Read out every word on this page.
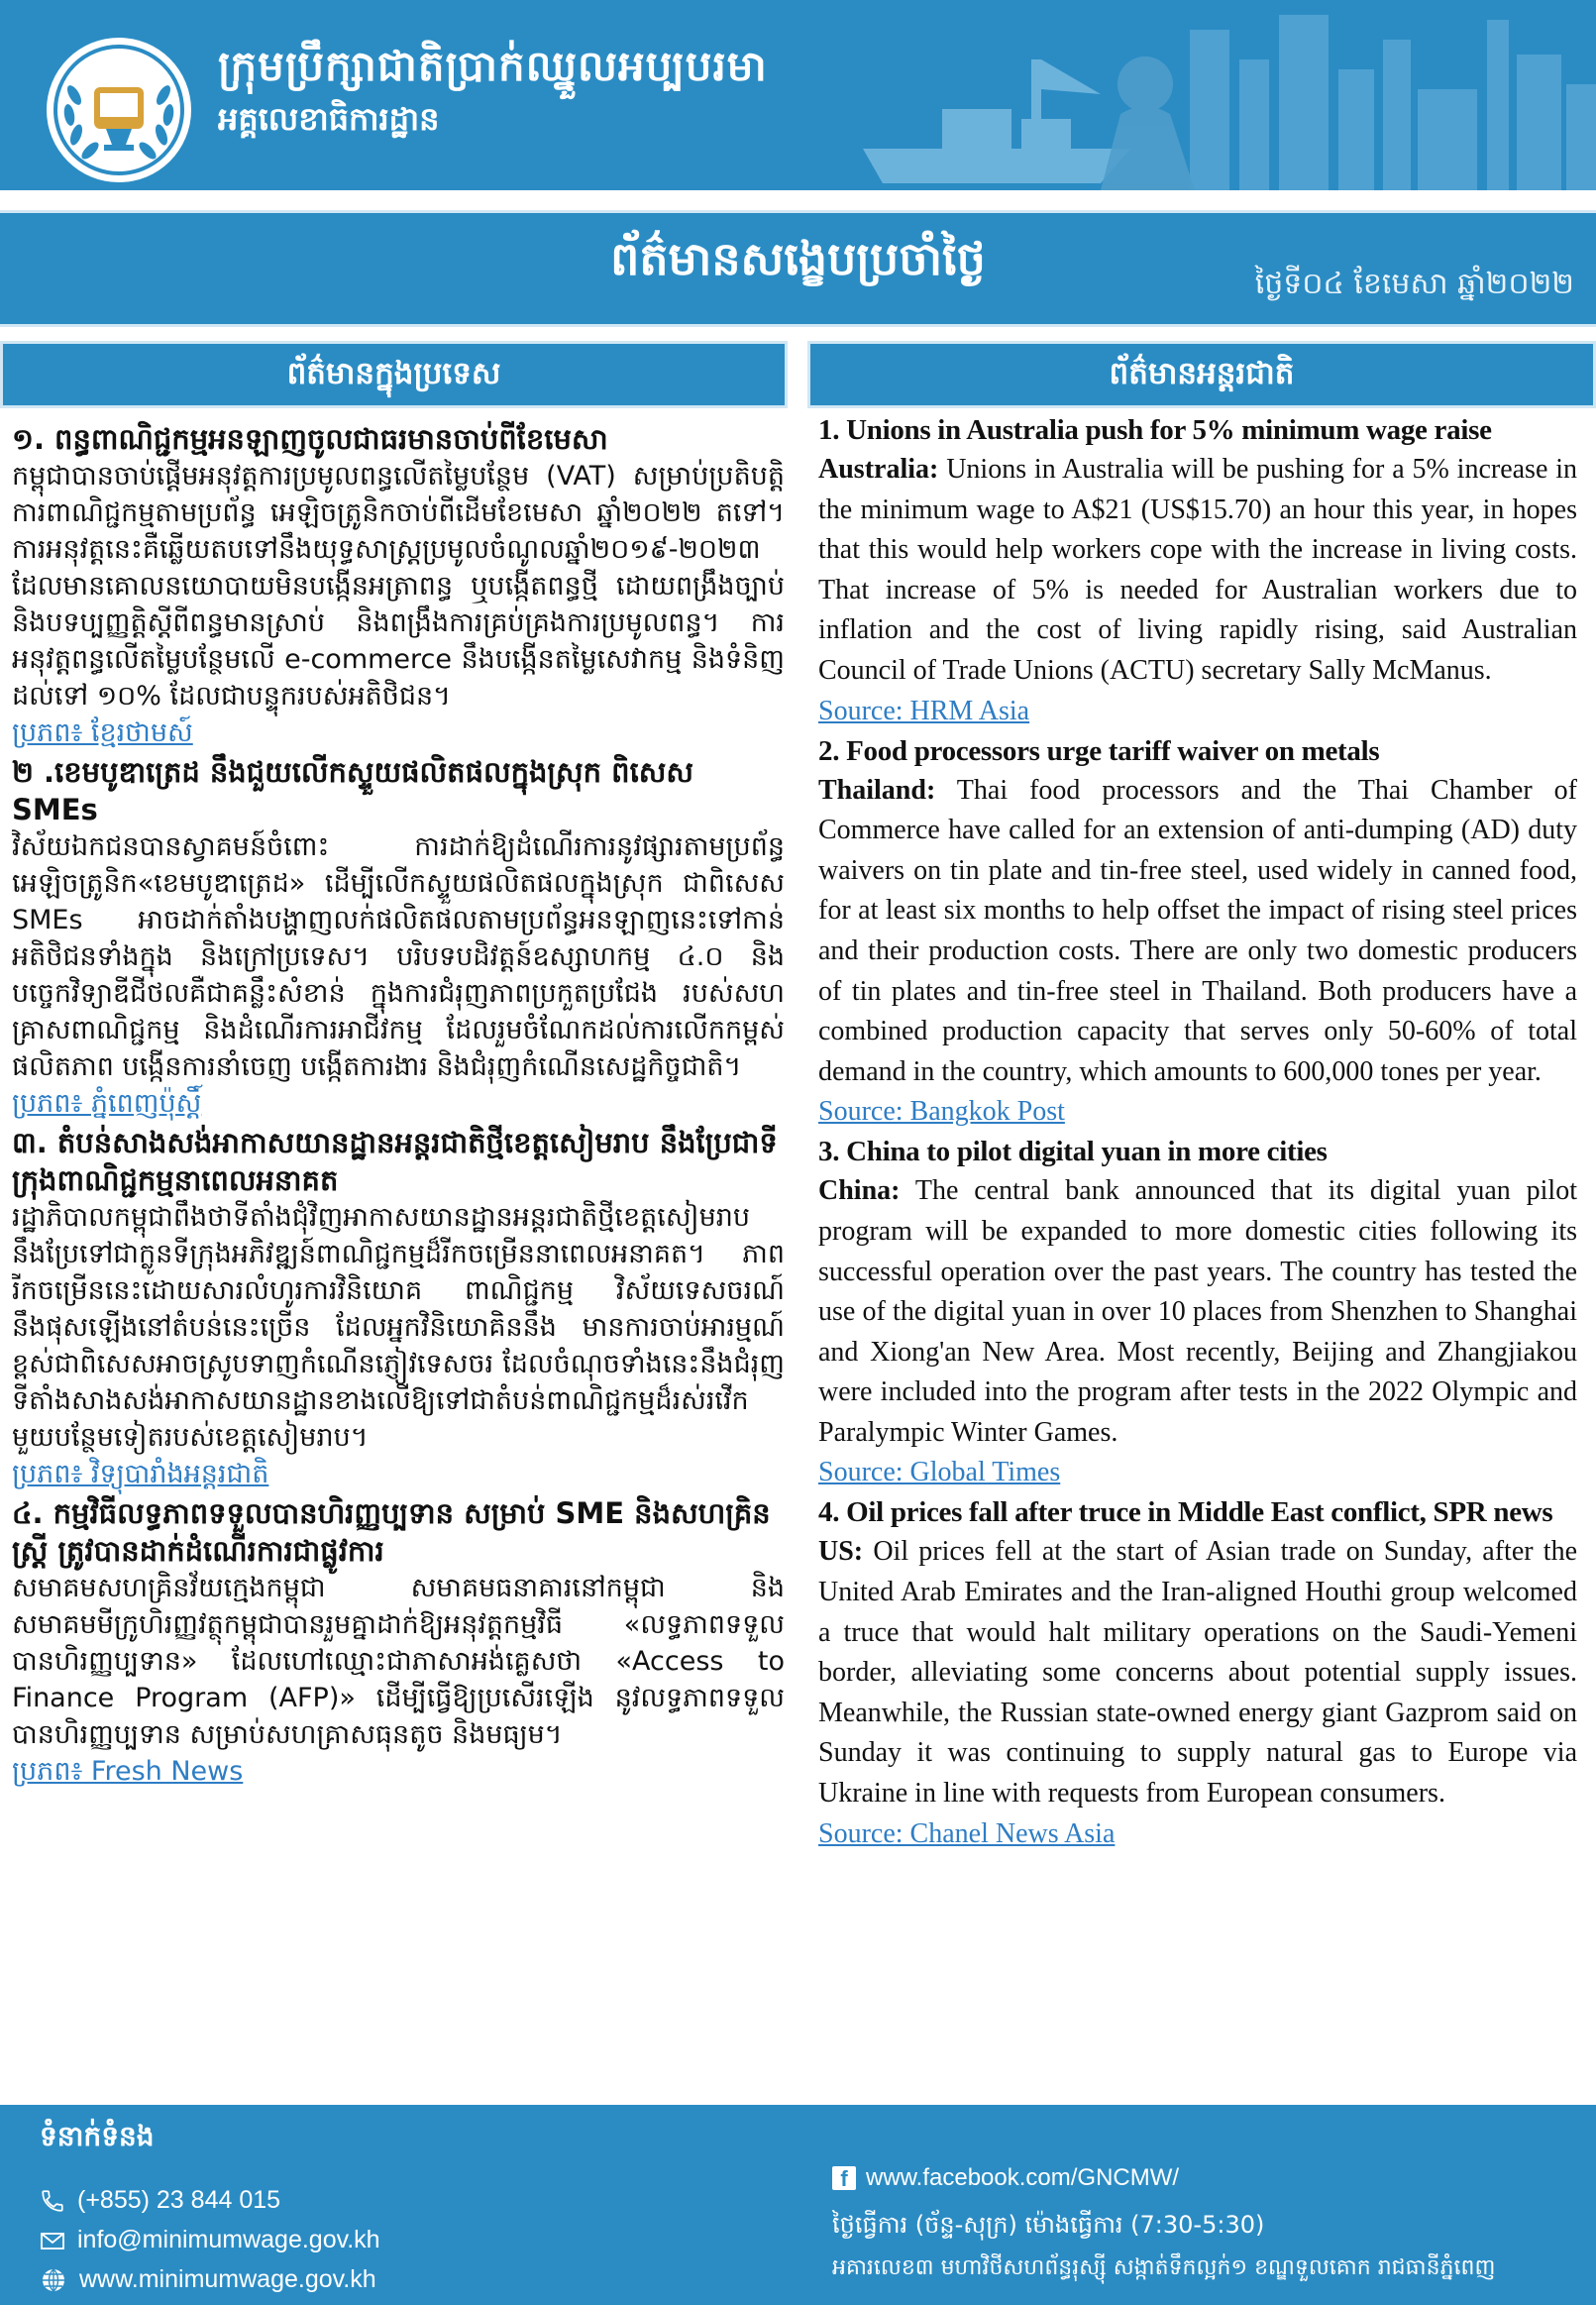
ក្រុមប្រឹក្សាជាតិប្រាក់ឈ្នួលអប្បបរមា
អគ្គលេខាធិការដ្ឋាន
ព័ត៌មានសង្ខេបប្រចាំថ្ងៃ	ថ្ងៃទី០៤ ខែមេសា ឆ្នាំ២០២២
ព័ត៌មានក្នុងប្រទេស	ព័ត៌មានអន្តរជាតិ
១. ពន្ធពាណិជ្ជកម្មអនឡាញចូលជាធរមានចាប់ពីខែមេសា
កម្ពុជាបានចាប់ផ្តើមអនុវត្តការប្រមូលពន្ធលើតម្លៃបន្ថែម (VAT) សម្រាប់ប្រតិបត្តិការពាណិជ្ជកម្មតាមប្រព័ន្ធ អេឡិចត្រូនិកចាប់ពីដើមខែមេសា ឆ្នាំ២០២២ តទៅ។ ការអនុវត្តនេះគឺឆ្លើយតបទៅនឹងយុទ្ធសាស្ត្រប្រមូលចំណូលឆ្នាំ២០១៩-២០២៣ ដែលមានគោលនយោបាយមិនបង្កើនអត្រាពន្ធ ឬបង្កើតពន្ធថ្មី ដោយពង្រឹងច្បាប់ និងបទប្បញ្ញត្តិស្តីពីពន្ធមានស្រាប់ និងពង្រឹងការគ្រប់គ្រងការប្រមូលពន្ធ។ ការអនុវត្តពន្ធលើតម្លៃបន្ថែមលើ e-commerce នឹងបង្កើនតម្លៃសេវាកម្ម និងទំនិញដល់ទៅ ១០% ដែលជាបន្ទុករបស់អតិថិជន។
ប្រភព៖ ខ្មែរថាមស៍
២ .ខេមបូឌាត្រេដ នឹងជួយលើកស្ទួយផលិតផលក្នុងស្រុក ពិសេស SMEs
វិស័យឯកជនបានស្វាគមន៍ចំពោះ ការដាក់ឱ្យដំណើរការនូវផ្សារតាមប្រព័ន្ធអេឡិចត្រូនិក«ខេមបូឌាត្រេដ» ដើម្បីលើកស្ទួយផលិតផលក្នុងស្រុក ជាពិសេស SMEs អាចដាក់តាំងបង្ហាញលក់ផលិតផលតាមប្រព័ន្ធអនឡាញនេះទៅកាន់អតិថិជនទាំងក្នុង និងក្រៅប្រទេស។ បរិបទបដិវត្តន៍ឧស្សាហកម្ម ៤.០ និងបច្ចេកវិទ្យាឌីជីថលគឺជាគន្លឹះសំខាន់ ក្នុងការជំរុញភាពប្រកួតប្រជែង របស់សហគ្រាសពាណិជ្ជកម្ម និងដំណើរការអាជីវកម្ម ដែលរួមចំណែកដល់ការលើកកម្ពស់ផលិតភាព បង្កើនការនាំចេញ បង្កើតការងារ និងជំរុញកំណើនសេដ្ឋកិច្ចជាតិ។
ប្រភព៖ ភ្នំពេញប៉ុស្តិ៍
៣. តំបន់សាងសង់អាកាសយានដ្ឋានអន្តរជាតិថ្មីខេត្តសៀមរាប នឹងប្រែជាទីក្រុងពាណិជ្ជកម្មនាពេលអនាគត
រដ្ឋាភិបាលកម្ពុជាពឹងថាទីតាំងជុំវិញអាកាសយានដ្ឋានអន្តរជាតិថ្មីខេត្តសៀមរាប នឹងប្រែទៅជាក្លូនទីក្រុងអភិវឌ្ឍន៍ពាណិជ្ជកម្មដ៏រីកចម្រើននាពេលអនាគត។ ភាពរីកចម្រើននេះដោយសារលំហូរការវិនិយោគ ពាណិជ្ជកម្ម វិស័យទេសចរណ៍នឹងផុសឡើងនៅតំបន់នេះច្រើន ដែលអ្នកវិនិយោគិននឹង មានការចាប់អារម្មណ៍ខ្ពស់ជាពិសេសអាចស្រូបទាញកំណើនភ្ញៀវទេសចរ ដែលចំណុចទាំងនេះនឹងជំរុញទីតាំងសាងសង់អាកាសយានដ្ឋានខាងលើឱ្យទៅជាតំបន់ពាណិជ្ជកម្មដ៏រស់រវើកមួយបន្ថែមទៀតរបស់ខេត្តសៀមរាប។
ប្រភព៖ វិទ្យុបារាំងអន្តរជាតិ
៤. កម្មវិធីលទ្ធភាពទទួលបានហិរញ្ញប្បទាន សម្រាប់ SME និងសហគ្រិនស្ត្រី ត្រូវបានដាក់ដំណើរការជាផ្លូវការ
សមាគមសហគ្រិនវ័យក្មេងកម្ពុជា សមាគមធនាគារនៅកម្ពុជា និងសមាគមមីក្រូហិរញ្ញវត្ថុកម្ពុជាបានរួមគ្នាដាក់ឱ្យអនុវត្តកម្មវិធី «លទ្ធភាពទទួលបានហិរញ្ញប្បទាន» ដែលហៅឈ្មោះជាភាសាអង់គ្លេសថា «Access to Finance Program (AFP)» ដើម្បីធ្វើឱ្យប្រសើរឡើង នូវលទ្ធភាពទទួលបានហិរញ្ញប្បទាន សម្រាប់សហគ្រាសធុនតូច និងមធ្យម។
ប្រភព៖ Fresh News
1. Unions in Australia push for 5% minimum wage raise
Australia: Unions in Australia will be pushing for a 5% increase in the minimum wage to A$21 (US$15.70) an hour this year, in hopes that this would help workers cope with the increase in living costs. That increase of 5% is needed for Australian workers due to inflation and the cost of living rapidly rising, said Australian Council of Trade Unions (ACTU) secretary Sally McManus.
Source: HRM Asia
2. Food processors urge tariff waiver on metals
Thailand: Thai food processors and the Thai Chamber of Commerce have called for an extension of anti-dumping (AD) duty waivers on tin plate and tin-free steel, used widely in canned food, for at least six months to help offset the impact of rising steel prices and their production costs. There are only two domestic producers of tin plates and tin-free steel in Thailand. Both producers have a combined production capacity that serves only 50-60% of total demand in the country, which amounts to 600,000 tones per year.
Source: Bangkok Post
3. China to pilot digital yuan in more cities
China: The central bank announced that its digital yuan pilot program will be expanded to more domestic cities following its successful operation over the past years. The country has tested the use of the digital yuan in over 10 places from Shenzhen to Shanghai and Xiong'an New Area. Most recently, Beijing and Zhangjiakou were included into the program after tests in the 2022 Olympic and Paralympic Winter Games.
Source: Global Times
4. Oil prices fall after truce in Middle East conflict, SPR news
US: Oil prices fell at the start of Asian trade on Sunday, after the United Arab Emirates and the Iran-aligned Houthi group welcomed a truce that would halt military operations on the Saudi-Yemeni border, alleviating some concerns about potential supply issues. Meanwhile, the Russian state-owned energy giant Gazprom said on Sunday it was continuing to supply natural gas to Europe via Ukraine in line with requests from European consumers.
Source: Chanel News Asia
ទំនាក់ទំនង
(+855) 23 844 015
info@minimumwage.gov.kh
www.minimumwage.gov.kh
f www.facebook.com/GNCMW/
ថ្ងៃធ្វើការ (ច័ន្ទ-សុក្រ) ម៉ោងធ្វើការ (7:30-5:30)
អគារលេខ៣ មហាវិថីសហព័ន្ធរុស្ស៊ី សង្កាត់ទឹកល្អក់១ ខណ្ឌទួលគោក រាជធានីភ្នំពេញ
